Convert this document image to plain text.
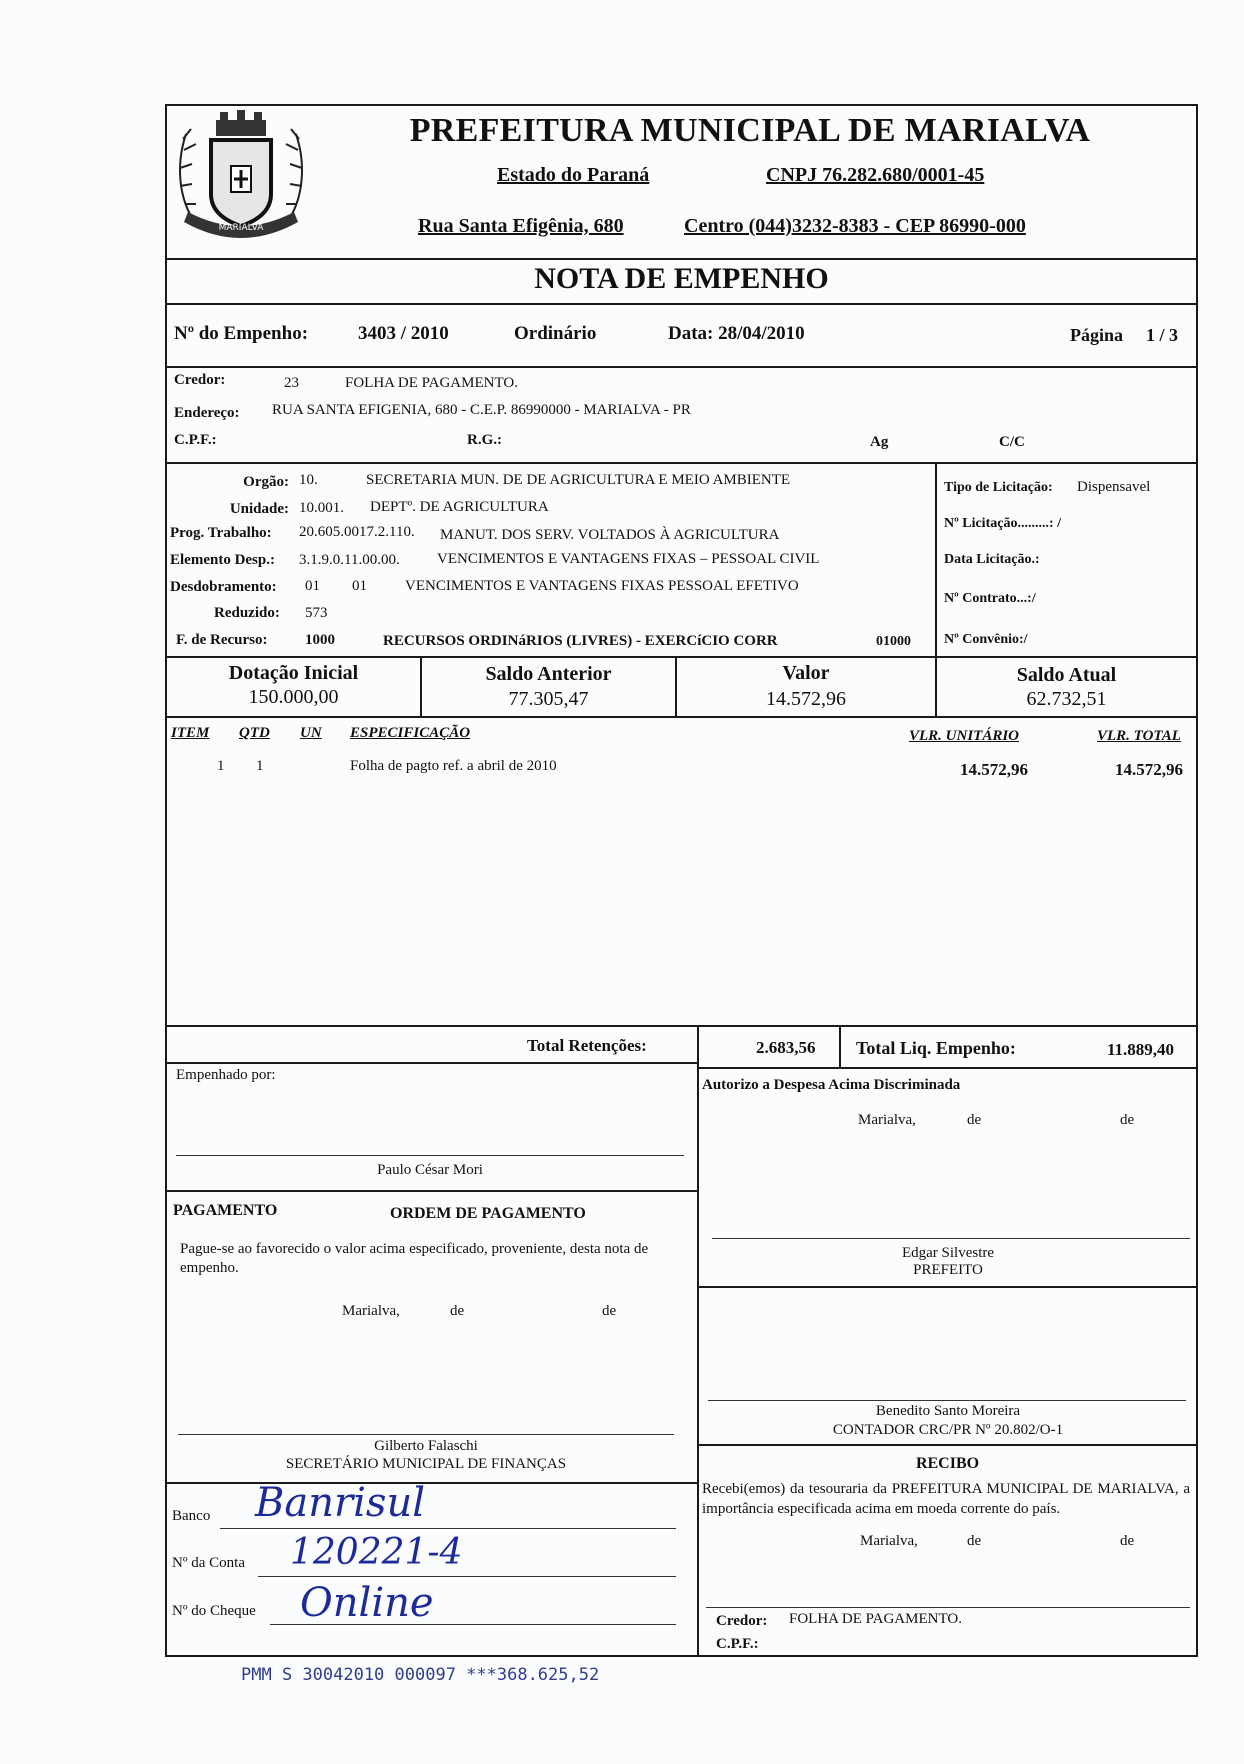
MARIALVA
PREFEITURA MUNICIPAL DE MARIALVA
Estado do Paraná	CNPJ 76.282.680/0001-45
Rua Santa Efigênia, 680	Centro (044)3232-8383 - CEP 86990-000
NOTA DE EMPENHO
Nº do Empenho:	3403 / 2010	Ordinário	Data: 28/04/2010	Página 1 / 3
Credor:	23	FOLHA DE PAGAMENTO.
Endereço: RUA SANTA EFIGENIA, 680 - C.E.P. 86990000 - MARIALVA - PR
C.P.F.:	R.G.:	Ag	C/C
Orgão: 10.	SECRETARIA MUN. DE DE AGRICULTURA E MEIO AMBIENTE
Unidade: 10.001. DEPTº. DE AGRICULTURA
Prog. Trabalho: 20.605.0017.2.110. MANUT. DOS SERV. VOLTADOS À AGRICULTURA
Elemento Desp.: 3.1.9.0.11.00.00. VENCIMENTOS E VANTAGENS FIXAS – PESSOAL CIVIL
Desdobramento: 01 01	VENCIMENTOS E VANTAGENS FIXAS PESSOAL EFETIVO
Reduzido: 573
F. de Recurso: 1000	RECURSOS ORDINáRIOS (LIVRES) - EXERCíCIO CORR	01000
Tipo de Licitação: Dispensavel
Nº Licitação.........: /
Data Licitação.:
Nº Contrato...:/
Nº Convênio:/
Dotação Inicial
150.000,00
Saldo Anterior
77.305,47
Valor
14.572,96
Saldo Atual
62.732,51
ITEM QTD UN ESPECIFICAÇÃO	VLR. UNITÁRIO	VLR. TOTAL
1 1	Folha de pagto ref. a abril de 2010	14.572,96	14.572,96
Total Retenções:	2.683,56 Total Liq. Empenho:	11.889,40
Empenhado por:
Paulo César Mori
PAGAMENTO	ORDEM DE PAGAMENTO
Pague-se ao favorecido o valor acima especificado, proveniente, desta nota de empenho.
Marialva,	de	de
Gilberto Falaschi
SECRETÁRIO MUNICIPAL DE FINANÇAS
Banco Banrisul
Nº da Conta 120221-4
Nº do Cheque Online
Autorizo a Despesa Acima Discriminada
Marialva,	de	de
Edgar Silvestre
PREFEITO
Benedito Santo Moreira
CONTADOR CRC/PR Nº 20.802/O-1
RECIBO
Recebi(emos) da tesouraria da PREFEITURA MUNICIPAL DE MARIALVA, a importância especificada acima em moeda corrente do país.
Marialva,	de	de
Credor: FOLHA DE PAGAMENTO.
C.P.F.:
PMM S 30042010 000097 ***368.625,52
